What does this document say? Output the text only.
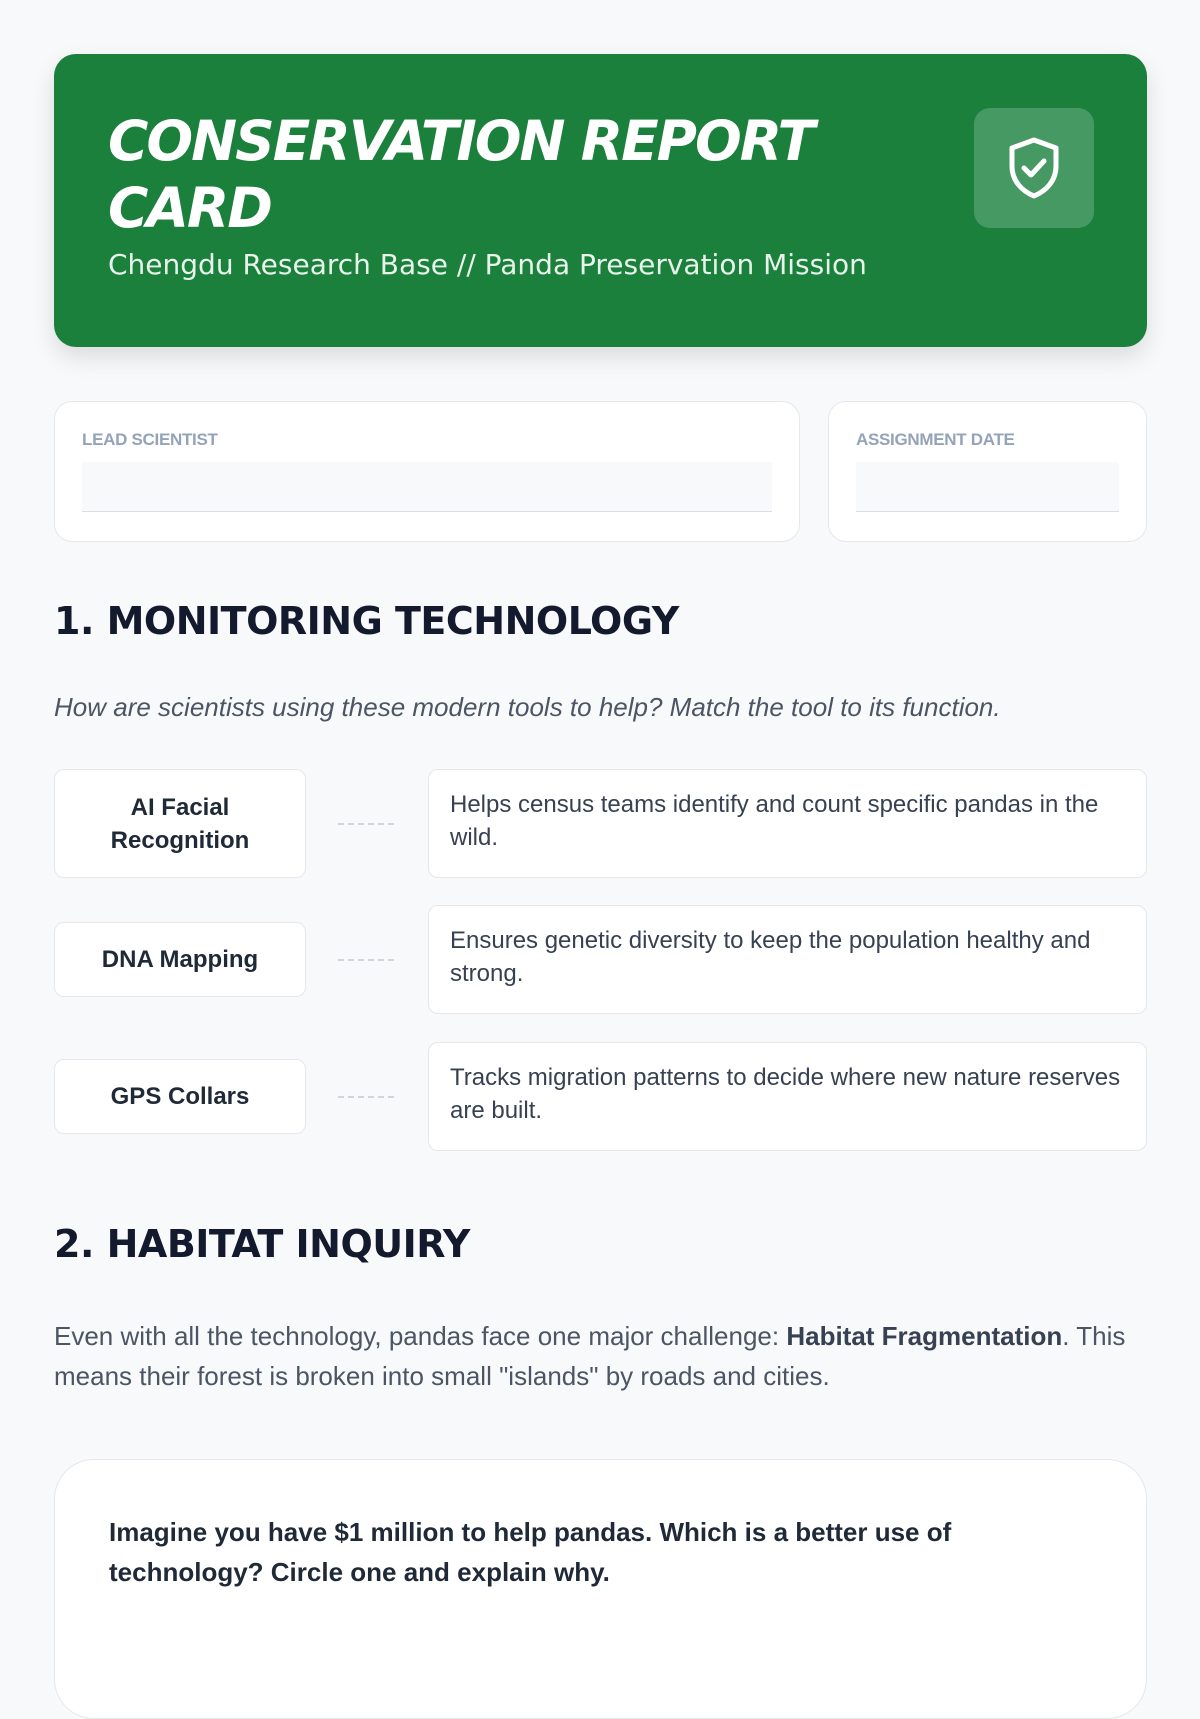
CONSERVATION REPORT CARD
Chengdu Research Base // Panda Preservation Mission
LEAD SCIENTIST	ASSIGNMENT DATE
1. MONITORING TECHNOLOGY
How are scientists using these modern tools to help? Match the tool to its function.
AI Facial Recognition
Helps census teams identify and count specific pandas in the wild.
DNA Mapping
Ensures genetic diversity to keep the population healthy and strong.
GPS Collars
Tracks migration patterns to decide where new nature reserves are built.
2. HABITAT INQUIRY

Even with all the technology, pandas face one major challenge: Habitat Fragmentation. This means their forest is broken into small "islands" by roads and cities.

Imagine you have $1 million to help pandas. Which is a better use of technology? Circle one and explain why.
